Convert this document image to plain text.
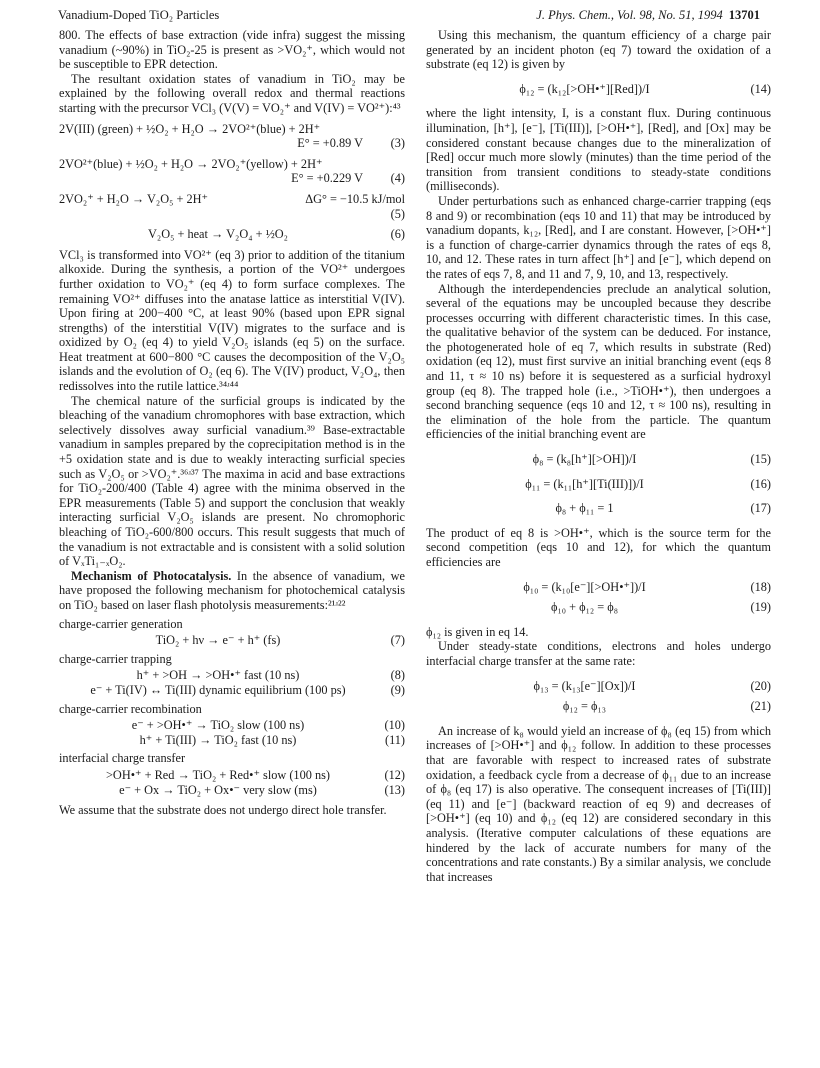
Vanadium-Doped TiO₂ Particles	J. Phys. Chem., Vol. 98, No. 51, 1994 13701

800. The effects of base extraction (vide infra) suggest the missing vanadium (~90%) in TiO₂-25 is present as >VO₂⁺, which would not be susceptible to EPR detection.

The resultant oxidation states of vanadium in TiO₂ may be explained by the following overall redox and thermal reactions starting with the precursor VCl₃ (V(V) = VO₂⁺ and V(IV) = VO²⁺):⁴³

2V(III) (green) + ½O₂ + H₂O → 2VO²⁺(blue) + 2H⁺
E° = +0.89 V	(3)
2VO²⁺(blue) + ½O₂ + H₂O → 2VO₂⁺(yellow) + 2H⁺
E° = +0.229 V	(4)
2VO₂⁺ + H₂O → V₂O₅ + 2H⁺	ΔG° = −10.5 kJ/mol
(5)
V₂O₅ + heat → V₂O₄ + ½O₂	(6)

VCl₃ is transformed into VO²⁺ (eq 3) prior to addition of the titanium alkoxide. During the synthesis, a portion of the VO²⁺ undergoes further oxidation to VO₂⁺ (eq 4) to form surface complexes. The remaining VO²⁺ diffuses into the anatase lattice as interstitial V(IV). Upon firing at 200−400 °C, at least 90% (based upon EPR signal strengths) of the interstitial V(IV) migrates to the surface and is oxidized by O₂ (eq 4) to yield V₂O₅ islands (eq 5) on the surface. Heat treatment at 600−800 °C causes the decomposition of the V₂O₅ islands and the evolution of O₂ (eq 6). The V(IV) product, V₂O₄, then redissolves into the rutile lattice.³⁴ʴ⁴⁴

The chemical nature of the surficial groups is indicated by the bleaching of the vanadium chromophores with base extraction, which selectively dissolves away surficial vanadium.³⁹ Base-extractable vanadium in samples prepared by the coprecipitation method is in the +5 oxidation state and is due to weakly interacting surficial species such as V₂O₅ or >VO₂⁺.³⁶ʴ³⁷ The maxima in acid and base extractions for TiO₂-200/400 (Table 4) agree with the minima observed in the EPR measurements (Table 5) and support the conclusion that weakly interacting surficial V₂O₅ islands are present. No chromophoric bleaching of TiO₂-600/800 occurs. This result suggests that much of the vanadium is not extractable and is consistent with a solid solution of VₓTi₁₋ₓO₂.

Mechanism of Photocatalysis. In the absence of vanadium, we have proposed the following mechanism for photochemical catalysis on TiO₂ based on laser flash photolysis measurements:²¹ʴ²²

charge-carrier generation
TiO₂ + hν → e⁻ + h⁺ (fs)	(7)
charge-carrier trapping
h⁺ + >OH → >OH•⁺ fast (10 ns)	(8)
e⁻ + Ti(IV) ↔ Ti(III) dynamic equilibrium (100 ps)	(9)
charge-carrier recombination
e⁻ + >OH•⁺ → TiO₂ slow (100 ns)	(10)
h⁺ + Ti(III) → TiO₂ fast (10 ns)	(11)
interfacial charge transfer
>OH•⁺ + Red → TiO₂ + Red•⁺ slow (100 ns)	(12)
e⁻ + Ox → TiO₂ + Ox•⁻ very slow (ms)	(13)

We assume that the substrate does not undergo direct hole transfer.

Using this mechanism, the quantum efficiency of a charge pair generated by an incident photon (eq 7) toward the oxidation of a substrate (eq 12) is given by

ϕ₁₂ = (k₁₂[>OH•⁺][Red])/I	(14)

where the light intensity, I, is a constant flux. During continuous illumination, [h⁺], [e⁻], [Ti(III)], [>OH•⁺], [Red], and [Ox] may be considered constant because changes due to the mineralization of [Red] occur much more slowly (minutes) than the time period of the transition from transient conditions to steady-state conditions (milliseconds).

Under perturbations such as enhanced charge-carrier trapping (eqs 8 and 9) or recombination (eqs 10 and 11) that may be introduced by vanadium dopants, k₁₂, [Red], and I are constant. However, [>OH•⁺] is a function of charge-carrier dynamics through the rates of eqs 8, 10, and 12. These rates in turn affect [h⁺] and [e⁻], which depend on the rates of eqs 7, 8, and 11 and 7, 9, 10, and 13, respectively.

Although the interdependencies preclude an analytical solution, several of the equations may be uncoupled because they describe processes occurring with different characteristic times. In this case, the qualitative behavior of the system can be deduced. For instance, the photogenerated hole of eq 7, which results in substrate (Red) oxidation (eq 12), must first survive an initial branching event (eqs 8 and 11, τ ≈ 10 ns) before it is sequestered as a surficial hydroxyl group (eq 8). The trapped hole (i.e., >TiOH•⁺), then undergoes a second branching sequence (eqs 10 and 12, τ ≈ 100 ns), resulting in the elimination of the hole from the particle. The quantum efficiencies of the initial branching event are

ϕ₈ = (k₈[h⁺][>OH])/I	(15)
ϕ₁₁ = (k₁₁[h⁺][Ti(III)])/I	(16)
ϕ₈ + ϕ₁₁ = 1	(17)

The product of eq 8 is >OH•⁺, which is the source term for the second competition (eqs 10 and 12), for which the quantum efficiencies are

ϕ₁₀ = (k₁₀[e⁻][>OH•⁺])/I	(18)
ϕ₁₀ + ϕ₁₂ = ϕ₈	(19)

ϕ₁₂ is given in eq 14.

Under steady-state conditions, electrons and holes undergo interfacial charge transfer at the same rate:

ϕ₁₃ = (k₁₃[e⁻][Ox])/I	(20)
ϕ₁₂ = ϕ₁₃	(21)

An increase of k₈ would yield an increase of ϕ₈ (eq 15) from which increases of [>OH•⁺] and ϕ₁₂ follow. In addition to these processes that are favorable with respect to increased rates of substrate oxidation, a feedback cycle from a decrease of ϕ₁₁ due to an increase of ϕ₈ (eq 17) is also operative. The consequent increases of [Ti(III)] (eq 11) and [e⁻] (backward reaction of eq 9) and decreases of [>OH•⁺] (eq 10) and ϕ₁₂ (eq 12) are considered secondary in this analysis. (Iterative computer calculations of these equations are hindered by the lack of accurate numbers for many of the concentrations and rate constants.) By a similar analysis, we conclude that increases
